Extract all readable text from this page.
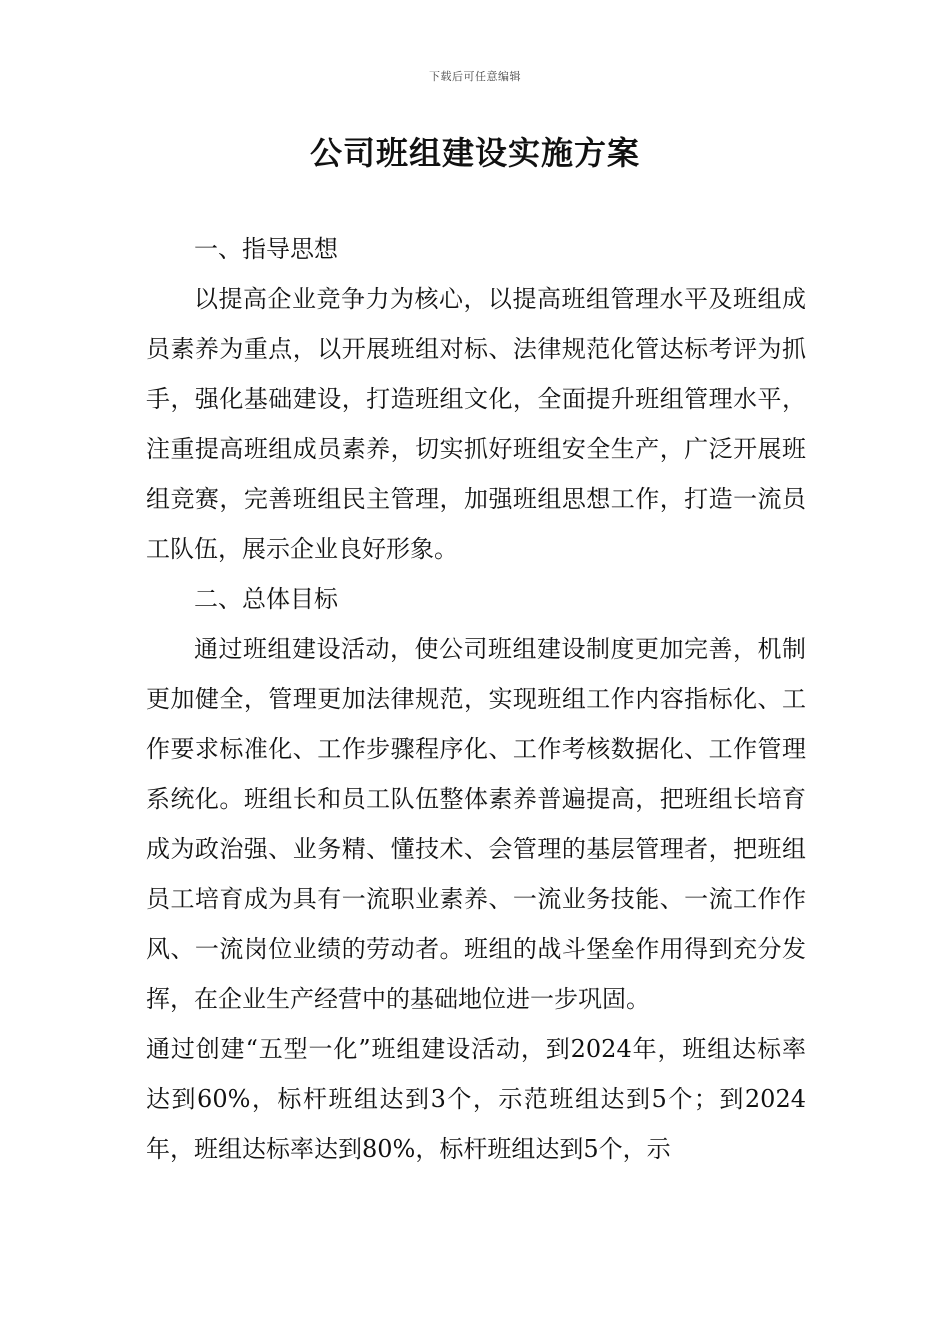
下载后可任意编辑
公司班组建设实施方案

一、指导思想

以提高企业竞争力为核心，以提高班组管理水平及班组成员素养为重点，以开展班组对标、法律规范化管达标考评为抓手，强化基础建设，打造班组文化，全面提升班组管理水平，注重提高班组成员素养，切实抓好班组安全生产，广泛开展班组竞赛，完善班组民主管理，加强班组思想工作，打造一流员工队伍，展示企业良好形象。

二、总体目标

通过班组建设活动，使公司班组建设制度更加完善，机制更加健全，管理更加法律规范，实现班组工作内容指标化、工作要求标准化、工作步骤程序化、工作考核数据化、工作管理系统化。班组长和员工队伍整体素养普遍提高，把班组长培育成为政治强、业务精、懂技术、会管理的基层管理者，把班组员工培育成为具有一流职业素养、一流业务技能、一流工作作风、一流岗位业绩的劳动者。班组的战斗堡垒作用得到充分发挥，在企业生产经营中的基础地位进一步巩固。

通过创建“五型一化”班组建设活动，到2024年，班组达标率达到60%，标杆班组达到3个，示范班组达到5个；到2024年，班组达标率达到80%，标杆班组达到5个，示
